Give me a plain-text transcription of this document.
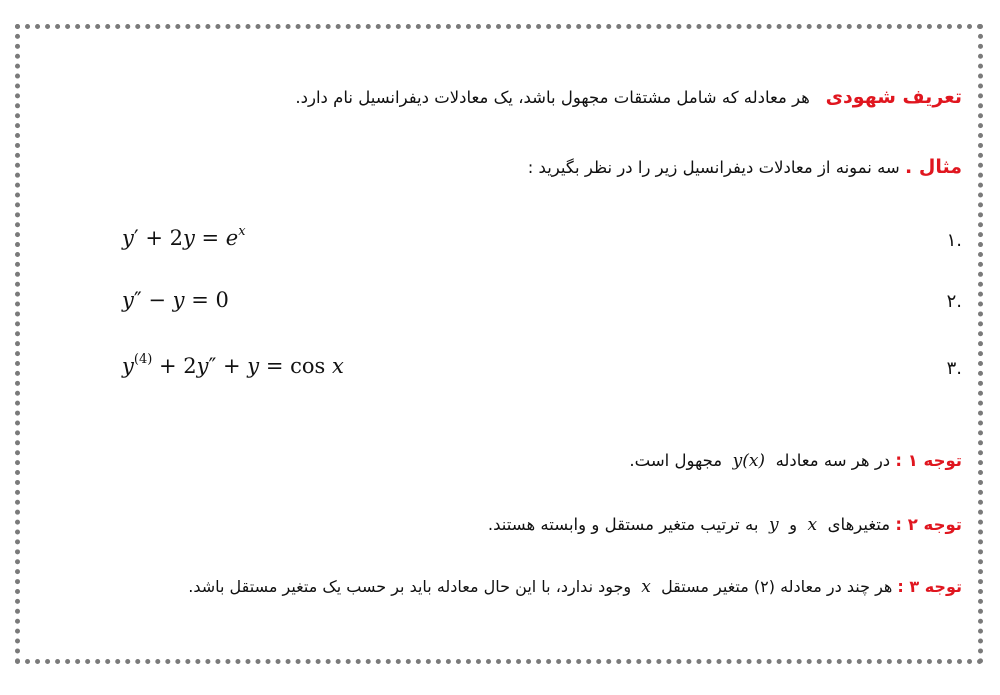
تعریف شهودی   هر معادله که شامل مشتقات مجهول باشد، یک معادلات دیفرانسیل نام دارد.
مثال . سه نمونه از معادلات دیفرانسیل زیر را در نظر بگیرید :
.۱
$y' + 2y = e^x$
.۲
y″ − y = 0
.۳
$y^{(4)} + 2y'' + y = \cos x$
توجه ۱ : در هر سه معادله  y(x)  مجهول است.
توجه ۲ : متغیرهای  x  و  y  به ترتیب متغیر مستقل و وابسته هستند.
توجه ۳ : هر چند در معادله (۲) متغیر مستقل  x  وجود ندارد، با این حال معادله باید بر حسب یک متغیر مستقل باشد.
